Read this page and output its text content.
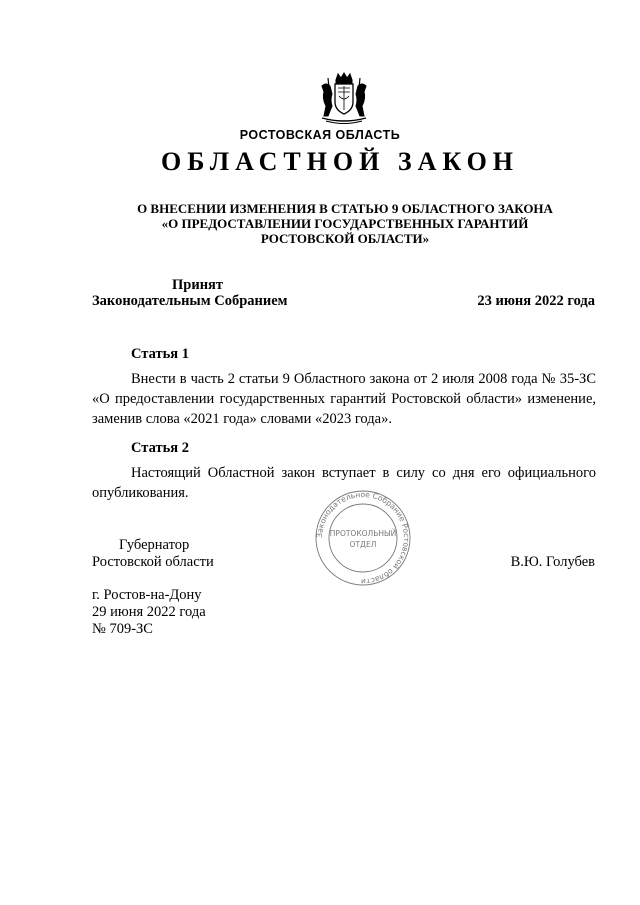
РОСТОВСКАЯ ОБЛАСТЬ
ОБЛАСТНОЙ ЗАКОН
О ВНЕСЕНИИ ИЗМЕНЕНИЯ В СТАТЬЮ 9 ОБЛАСТНОГО ЗАКОНА
«О ПРЕДОСТАВЛЕНИИ ГОСУДАРСТВЕННЫХ ГАРАНТИЙ
РОСТОВСКОЙ ОБЛАСТИ»
Принят
Законодательным Собранием	23 июня 2022 года
Статья 1
Внести в часть 2 статьи 9 Областного закона от 2 июля 2008 года № 35-ЗС «О предоставлении государственных гарантий Ростовской области» изменение, заменив слова «2021 года» словами «2023 года».
Статья 2
Настоящий Областной закон вступает в силу со дня его официального опубликования.
Законодательное Собрание Ростовской области
ПРОТОКОЛЬНЫЙ
ОТДЕЛ
Губернатор
Ростовской области	В.Ю. Голубев
г. Ростов-на-Дону
29 июня 2022 года
№ 709-ЗС
